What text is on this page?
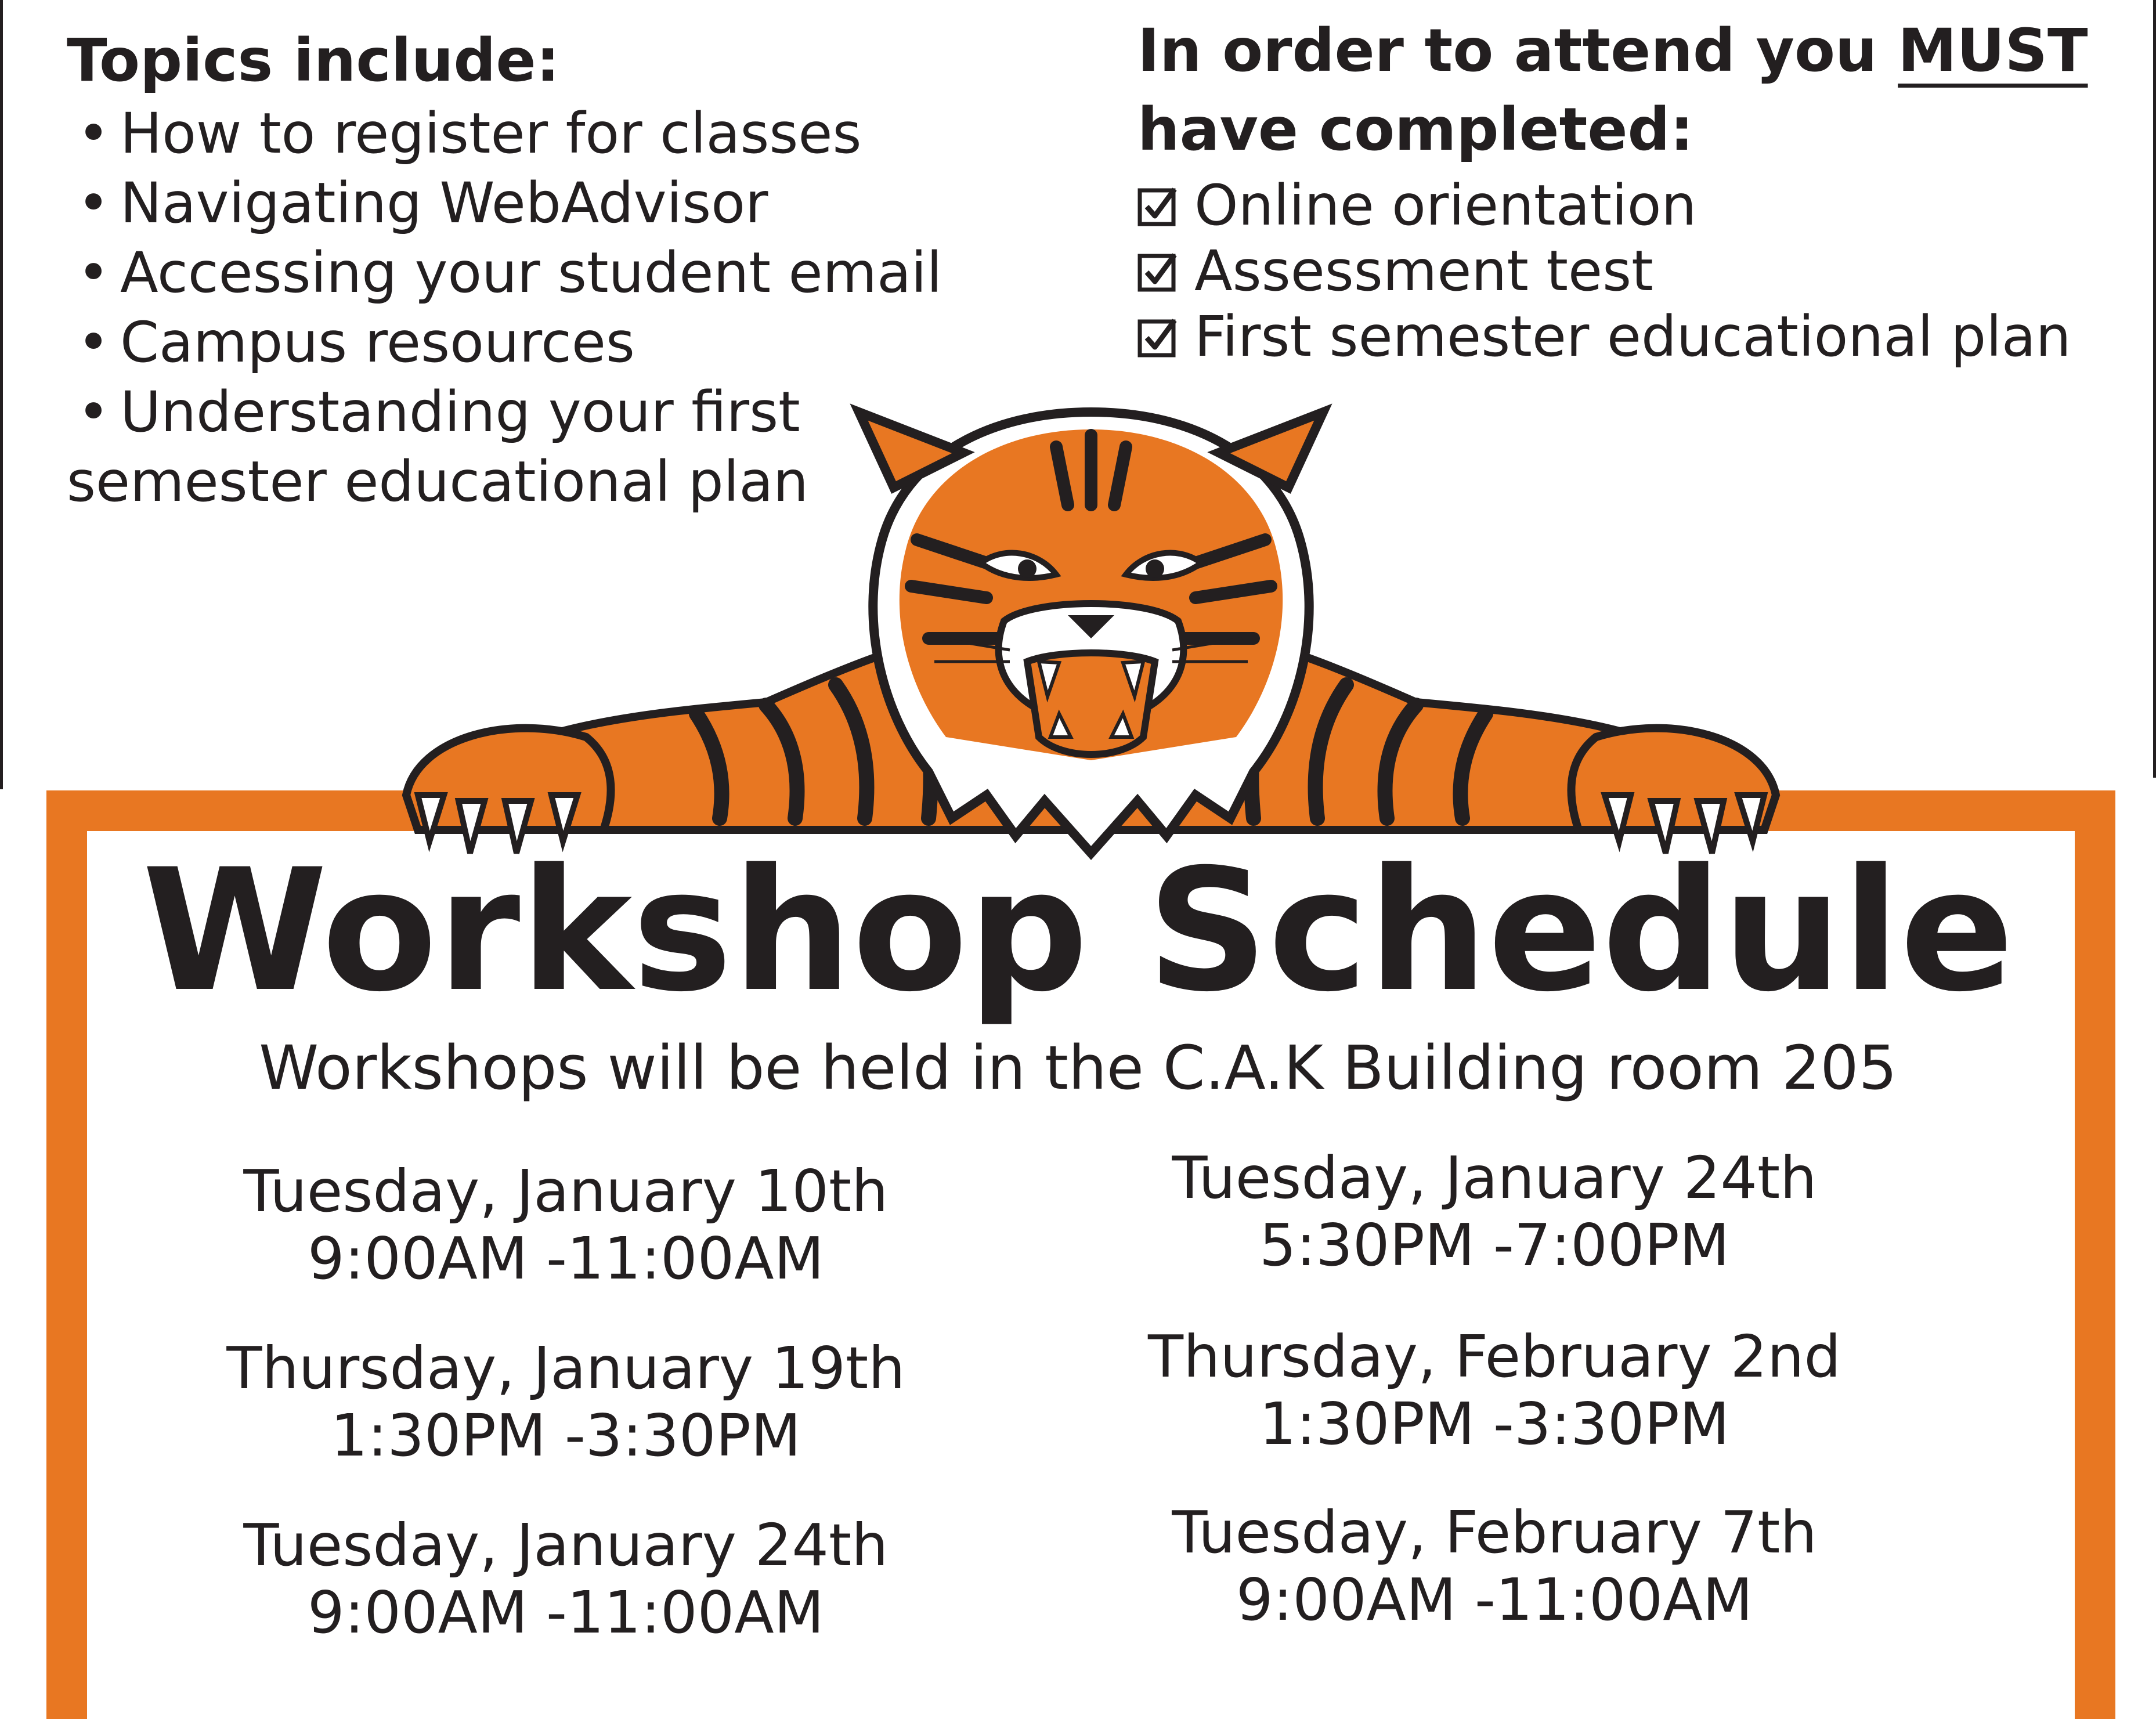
Topics include:
• How to register for classes
• Navigating WebAdvisor
• Accessing your student email
• Campus resources
• Understanding your first
semester educational plan
In order to attend you MUST
have completed:
Online orientation
Assessment test
First semester educational plan
Workshop Schedule
Workshops will be held in the C.A.K Building room 205
Tuesday, January 10th
9:00AM -11:00AM
Thursday, January 19th
1:30PM -3:30PM
Tuesday, January 24th
9:00AM -11:00AM
Tuesday, January 24th
5:30PM -7:00PM
Thursday, February 2nd
1:30PM -3:30PM
Tuesday, February 7th
9:00AM -11:00AM
